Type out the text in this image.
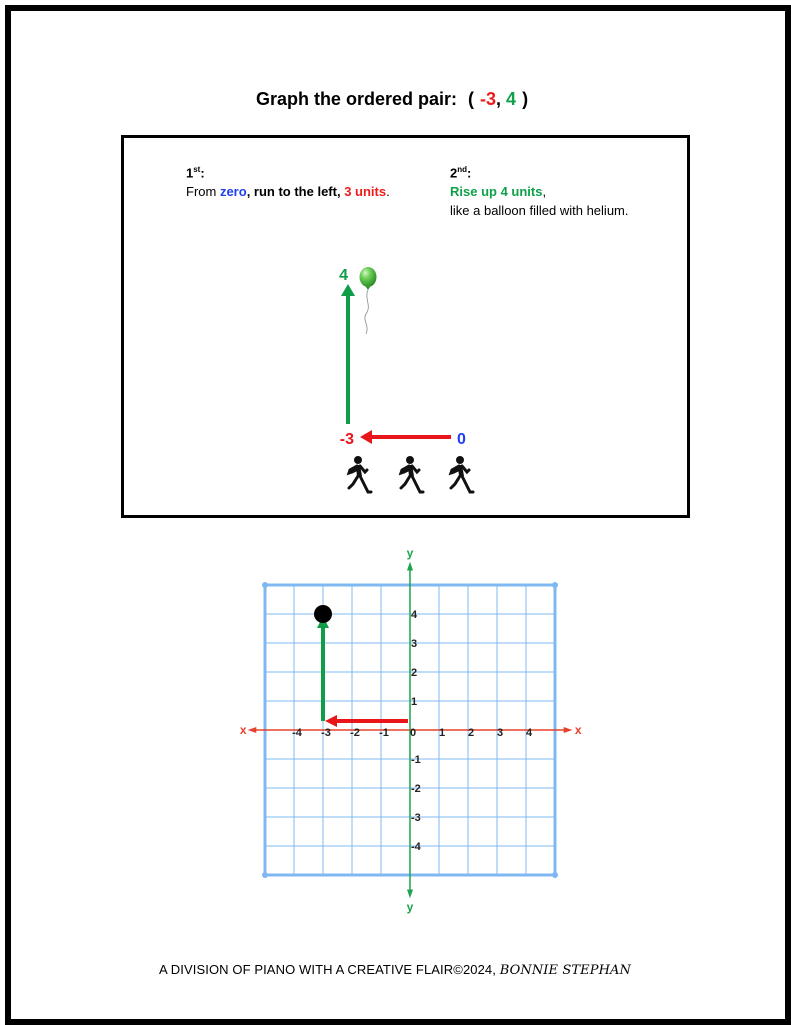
Graph the ordered pair: ( -3, 4 )
1st:
From zero, run to the left, 3 units.
2nd:
Rise up 4 units,
like a balloon filled with helium.
4
-3	0
x	x
y
y
-4 -3 -2 -1 0 1 2 3 4
4
3
2
1
-1
-2
-3
-4
A DIVISION OF PIANO WITH A CREATIVE FLAIR©2024, BONNIE STEPHAN
